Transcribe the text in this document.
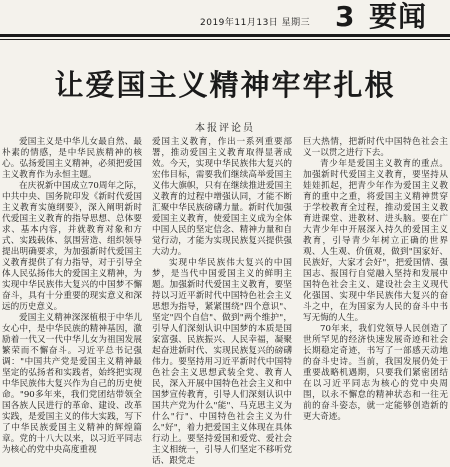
2019年11月13日 星期三 3 要闻
让爱国主义精神牢牢扎根
本报评论员

爱国主义是中华儿女最自然、最朴素的情感，是中华民族精神的核心。弘扬爱国主义精神，必须把爱国主义教育作为永恒主题。

在庆祝新中国成立70周年之际，中共中央、国务院印发《新时代爱国主义教育实施纲要》，深入阐明新时代爱国主义教育的指导思想、总体要求、基本内容，并就教育对象和方式、实践载体、氛围营造、组织领导提出明确要求，为加强新时代爱国主义教育提供了有力指导，对于引导全体人民弘扬伟大的爱国主义精神，为实现中华民族伟大复兴的中国梦不懈奋斗，具有十分重要的现实意义和深远的历史意义。

爱国主义精神深深植根于中华儿女心中，是中华民族的精神基因，激励着一代又一代中华儿女为祖国发展繁荣而不懈奋斗。习近平总书记强调："中国共产党是爱国主义精神最坚定的弘扬者和实践者，始终把实现中华民族伟大复兴作为自己的历史使命。"90多年来，我们党团结带领全国各族人民进行的革命、建设、改革实践，是爱国主义的伟大实践，写下了中华民族爱国主义精神的辉煌篇章。党的十八大以来，以习近平同志为核心的党中央高度重视

爱国主义教育，作出一系列重要部署，推动爱国主义教育取得显著成效。今天，实现中华民族伟大复兴的宏伟目标，需要我们继续高举爱国主义伟大旗帜，只有在继续推进爱国主义教育的过程中增强认同，才能不断汇聚中华民族磅礴力量。新时代加强爱国主义教育，使爱国主义成为全体中国人民的坚定信念、精神力量和自觉行动，才能为实现民族复兴提供强大动力。

实现中华民族伟大复兴的中国梦，是当代中国爱国主义的鲜明主题。加强新时代爱国主义教育，要坚持以习近平新时代中国特色社会主义思想为指导，紧紧围绕"四个意识"、坚定"四个自信"、做到"两个维护"，引导人们深刻认识中国梦的本质是国家富强、民族振兴、人民幸福，凝聚起奋进新时代、实现民族复兴的磅礴伟力。要坚持用习近平新时代中国特色社会主义思想武装全党、教育人民，深入开展中国特色社会主义和中国梦宣传教育，引导人们深刻认识中国共产党为什么"能"、马克思主义为什么"行"、中国特色社会主义为什么"好"，着力把爱国主义体现在具体行动上。要坚持爱国和爱党、爱社会主义相统一，引导人们坚定不移听党话、跟党走

巨大热情，把新时代中国特色社会主义一以贯之进行下去。

青少年是爱国主义教育的重点。加强新时代爱国主义教育，要坚持从娃娃抓起，把青少年作为爱国主义教育的重中之重，将爱国主义精神贯穿于学校教育全过程，推动爱国主义教育进课堂、进教材、进头脑。要在广大青少年中开展深入持久的爱国主义教育，引导青少年树立正确的世界观、人生观、价值观，做到"国家好、民族好，大家才会好"，把爱国情、强国志、报国行自觉融入坚持和发展中国特色社会主义、建设社会主义现代化强国、实现中华民族伟大复兴的奋斗之中，在为国家为人民的奋斗中书写无悔的人生。

70年来，我们党领导人民创造了世所罕见的经济快速发展奇迹和社会长期稳定奇迹，书写了一部感天动地的奋斗史诗。当前，我国发展仍处于重要战略机遇期，只要我们紧密团结在以习近平同志为核心的党中央周围，以永不懈怠的精神状态和一往无前的奋斗姿态，就一定能够创造新的更大奇迹。
